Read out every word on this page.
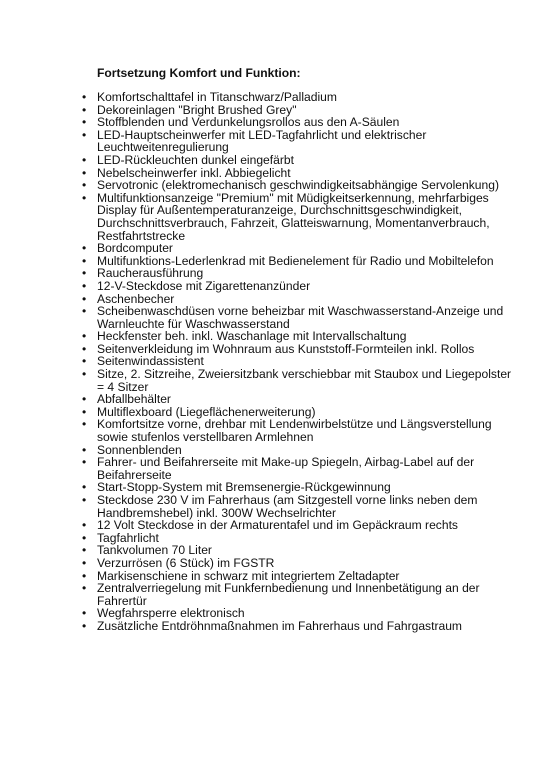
Fortsetzung Komfort und Funktion:
• Komfortschalttafel in Titanschwarz/Palladium
• Dekoreinlagen "Bright Brushed Grey"
• Stoffblenden und Verdunkelungsrollos aus den A-Säulen
• LED-Hauptscheinwerfer mit LED-Tagfahrlicht und elektrischer
Leuchtweitenregulierung
• LED-Rückleuchten dunkel eingefärbt
• Nebelscheinwerfer inkl. Abbiegelicht
• Servotronic (elektromechanisch geschwindigkeitsabhängige Servolenkung)
• Multifunktionsanzeige "Premium" mit Müdigkeitserkennung, mehrfarbiges
Display für Außentemperaturanzeige, Durchschnittsgeschwindigkeit,
Durchschnittsverbrauch, Fahrzeit, Glatteiswarnung, Momentanverbrauch,
Restfahrtstrecke
• Bordcomputer
• Multifunktions-Lederlenkrad mit Bedienelement für Radio und Mobiltelefon
• Raucherausführung
• 12-V-Steckdose mit Zigarettenanzünder
• Aschenbecher
• Scheibenwaschdüsen vorne beheizbar mit Waschwasserstand-Anzeige und
Warnleuchte für Waschwasserstand
• Heckfenster beh. inkl. Waschanlage mit Intervallschaltung
• Seitenverkleidung im Wohnraum aus Kunststoff-Formteilen inkl. Rollos
• Seitenwindassistent
• Sitze, 2. Sitzreihe, Zweiersitzbank verschiebbar mit Staubox und Liegepolster
= 4 Sitzer
• Abfallbehälter
• Multiflexboard (Liegeflächenerweiterung)
• Komfortsitze vorne, drehbar mit Lendenwirbelstütze und Längsverstellung
sowie stufenlos verstellbaren Armlehnen
• Sonnenblenden
• Fahrer- und Beifahrerseite mit Make-up Spiegeln, Airbag-Label auf der
Beifahrerseite
• Start-Stopp-System mit Bremsenergie-Rückgewinnung
• Steckdose 230 V im Fahrerhaus (am Sitzgestell vorne links neben dem
Handbremshebel) inkl. 300W Wechselrichter
• 12 Volt Steckdose in der Armaturentafel und im Gepäckraum rechts
• Tagfahrlicht
• Tankvolumen 70 Liter
• Verzurrösen (6 Stück) im FGSTR
• Markisenschiene in schwarz mit integriertem Zeltadapter
• Zentralverriegelung mit Funkfernbedienung und Innenbetätigung an der
Fahrertür
• Wegfahrsperre elektronisch
• Zusätzliche Entdröhnmaßnahmen im Fahrerhaus und Fahrgastraum
